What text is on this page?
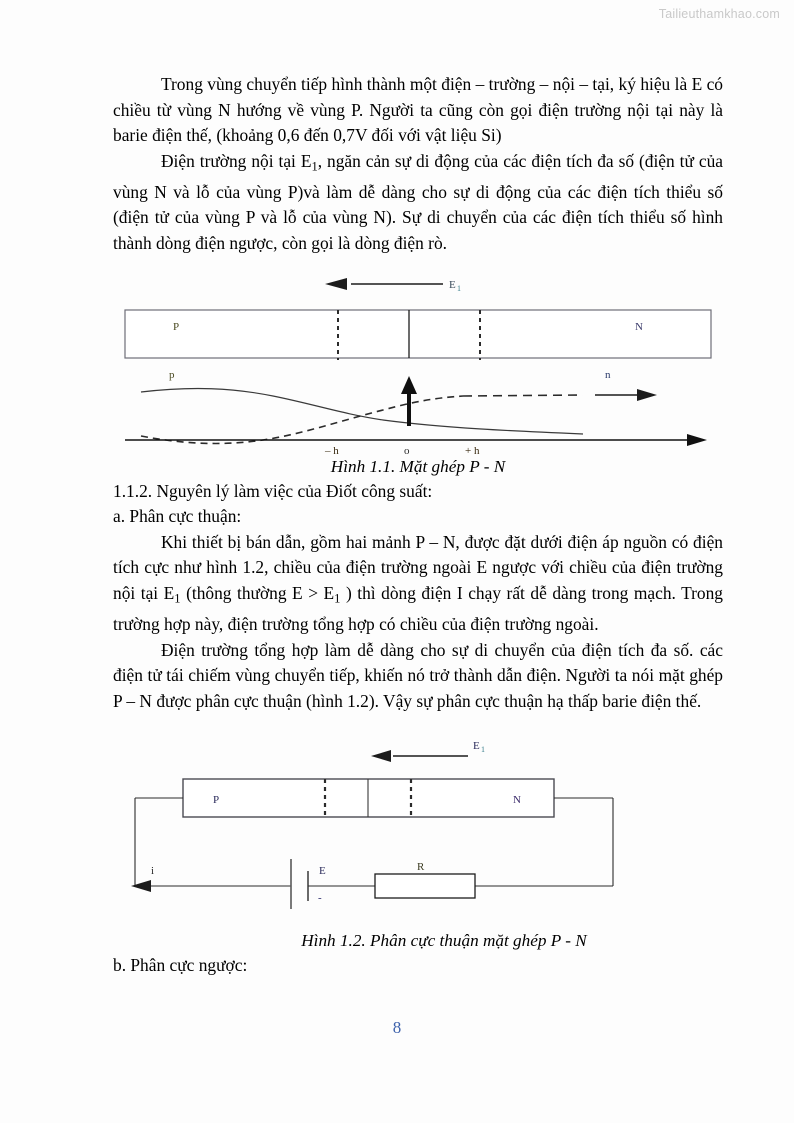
Tailieuthamkhao.com

Trong vùng chuyển tiếp hình thành một điện – trường – nội – tại, ký hiệu là E có chiều từ vùng N hướng về vùng P. Người ta cũng còn gọi điện trường nội tại này là barie điện thế, (khoảng 0,6 đến 0,7V đối với vật liệu Si)

Điện trường nội tại $E_1$, ngăn cản sự di động của các điện tích đa số (điện tử của vùng N và lỗ của vùng P)và làm dễ dàng cho sự di động của các điện tích thiểu số (điện tử của vùng P và lỗ của vùng N). Sự di chuyển của các điện tích thiểu số hình thành dòng điện ngược, còn gọi là dòng điện rò.

E 1
P	N
p	n
– h	o	+ h

Hình 1.1. Mặt ghép P - N

1.1.2. Nguyên lý làm việc của Điốt công suất:

a. Phân cực thuận:

Khi thiết bị bán dẫn, gồm hai mảnh P – N, được đặt dưới điện áp nguồn có điện tích cực như hình 1.2, chiều của điện trường ngoài E ngược với chiều của điện trường nội tại $E_1$ (thông thường $E > E_1$ ) thì dòng điện I chạy rất dễ dàng trong mạch. Trong trường hợp này, điện trường tổng hợp có chiều của điện trường ngoài.

Điện trường tổng hợp làm dễ dàng cho sự di chuyển của điện tích đa số. các điện tử tái chiếm vùng chuyển tiếp, khiến nó trở thành dẫn điện. Người ta nói mặt ghép P – N được phân cực thuận (hình 1.2). Vậy sự phân cực thuận hạ thấp barie điện thế.

E 1
P	N
i	E
-
R

Hình 1.2. Phân cực thuận mặt ghép P - N

b. Phân cực ngược:

8
